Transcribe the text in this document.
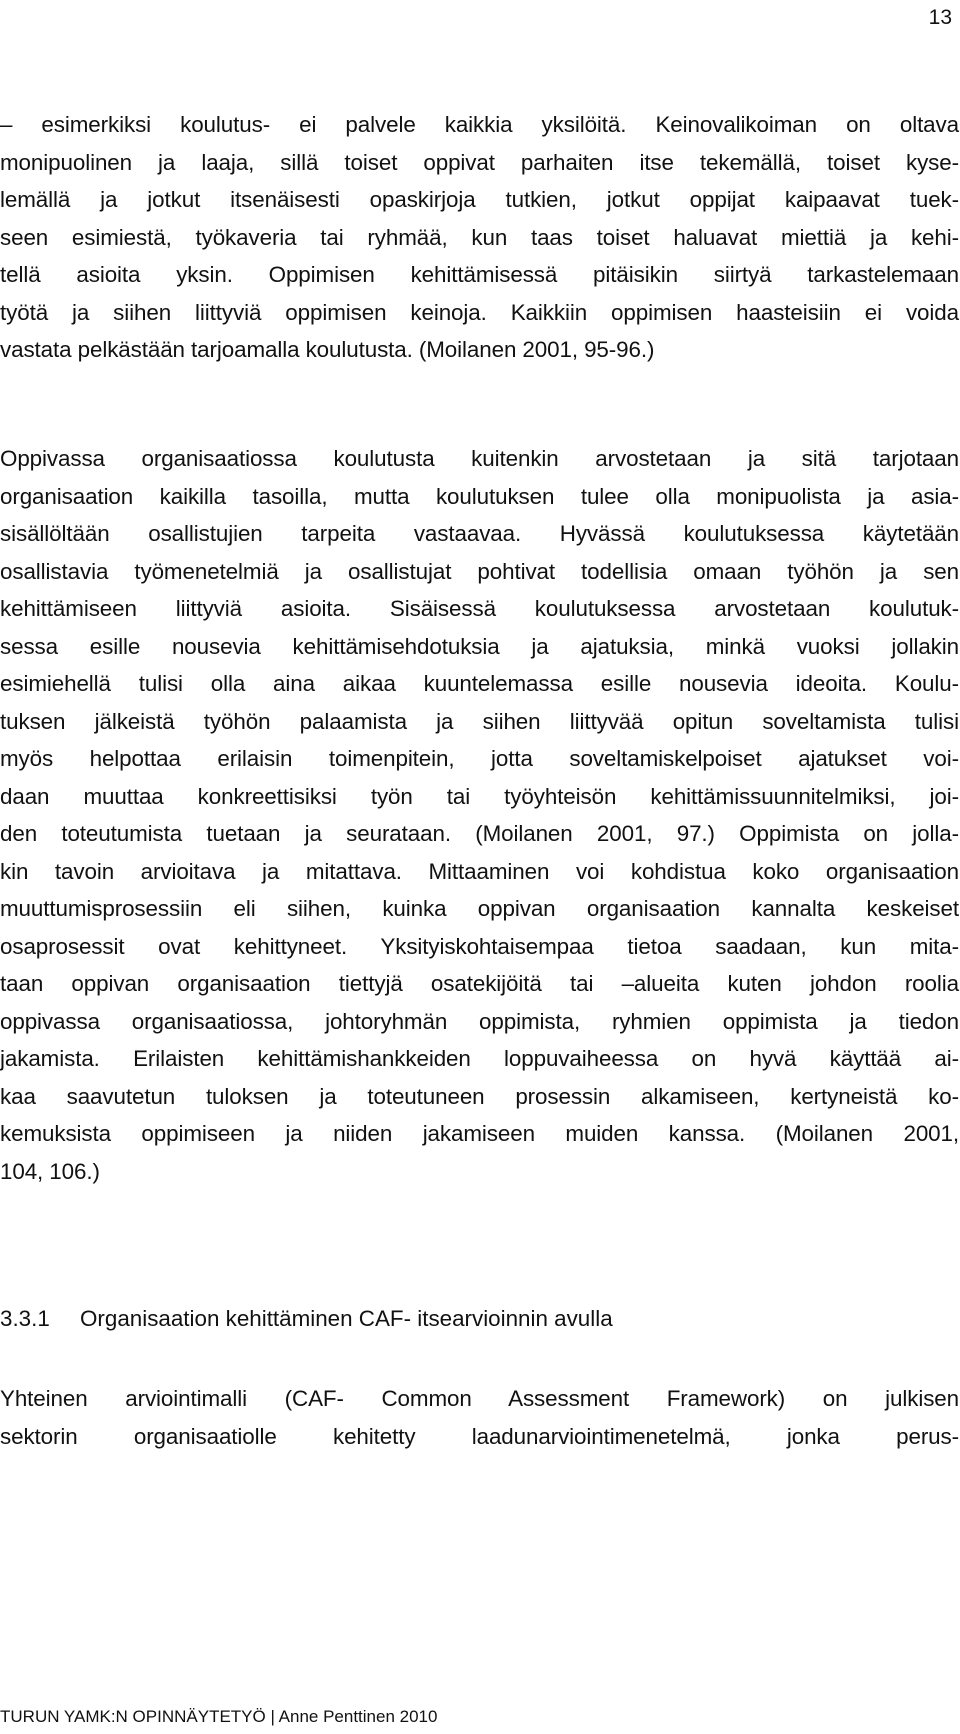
13
– esimerkiksi koulutus- ei palvele kaikkia yksilöitä. Keinovalikoiman on oltava
monipuolinen ja laaja, sillä toiset oppivat parhaiten itse tekemällä, toiset kyse-
lemällä ja jotkut itsenäisesti opaskirjoja tutkien, jotkut oppijat kaipaavat tuek-
seen esimiestä, työkaveria tai ryhmää, kun taas toiset haluavat miettiä ja kehi-
tellä asioita yksin. Oppimisen kehittämisessä pitäisikin siirtyä tarkastelemaan
työtä ja siihen liittyviä oppimisen keinoja. Kaikkiin oppimisen haasteisiin ei voida
vastata pelkästään tarjoamalla koulutusta. (Moilanen 2001, 95-96.)
Oppivassa organisaatiossa koulutusta kuitenkin arvostetaan ja sitä tarjotaan
organisaation kaikilla tasoilla, mutta koulutuksen tulee olla monipuolista ja asia-
sisällöltään osallistujien tarpeita vastaavaa. Hyvässä koulutuksessa käytetään
osallistavia työmenetelmiä ja osallistujat pohtivat todellisia omaan työhön ja sen
kehittämiseen liittyviä asioita. Sisäisessä koulutuksessa arvostetaan koulutuk-
sessa esille nousevia kehittämisehdotuksia ja ajatuksia, minkä vuoksi jollakin
esimiehellä tulisi olla aina aikaa kuuntelemassa esille nousevia ideoita. Koulu-
tuksen jälkeistä työhön palaamista ja siihen liittyvää opitun soveltamista tulisi
myös helpottaa erilaisin toimenpitein, jotta soveltamiskelpoiset ajatukset voi-
daan muuttaa konkreettisiksi työn tai työyhteisön kehittämissuunnitelmiksi, joi-
den toteutumista tuetaan ja seurataan. (Moilanen 2001, 97.) Oppimista on jolla-
kin tavoin arvioitava ja mitattava. Mittaaminen voi kohdistua koko organisaation
muuttumisprosessiin eli siihen, kuinka oppivan organisaation kannalta keskeiset
osaprosessit ovat kehittyneet. Yksityiskohtaisempaa tietoa saadaan, kun mita-
taan oppivan organisaation tiettyjä osatekijöitä tai –alueita kuten johdon roolia
oppivassa organisaatiossa, johtoryhmän oppimista, ryhmien oppimista ja tiedon
jakamista. Erilaisten kehittämishankkeiden loppuvaiheessa on hyvä käyttää ai-
kaa saavutetun tuloksen ja toteutuneen prosessin alkamiseen, kertyneistä ko-
kemuksista oppimiseen ja niiden jakamiseen muiden kanssa. (Moilanen 2001,
104, 106.)
3.3.1 Organisaation kehittäminen CAF- itsearvioinnin avulla
Yhteinen arviointimalli (CAF- Common Assessment Framework) on julkisen
sektorin organisaatiolle kehitetty laadunarviointimenetelmä, jonka perus-
TURUN YAMK:N OPINNÄYTETYÖ | Anne Penttinen 2010
